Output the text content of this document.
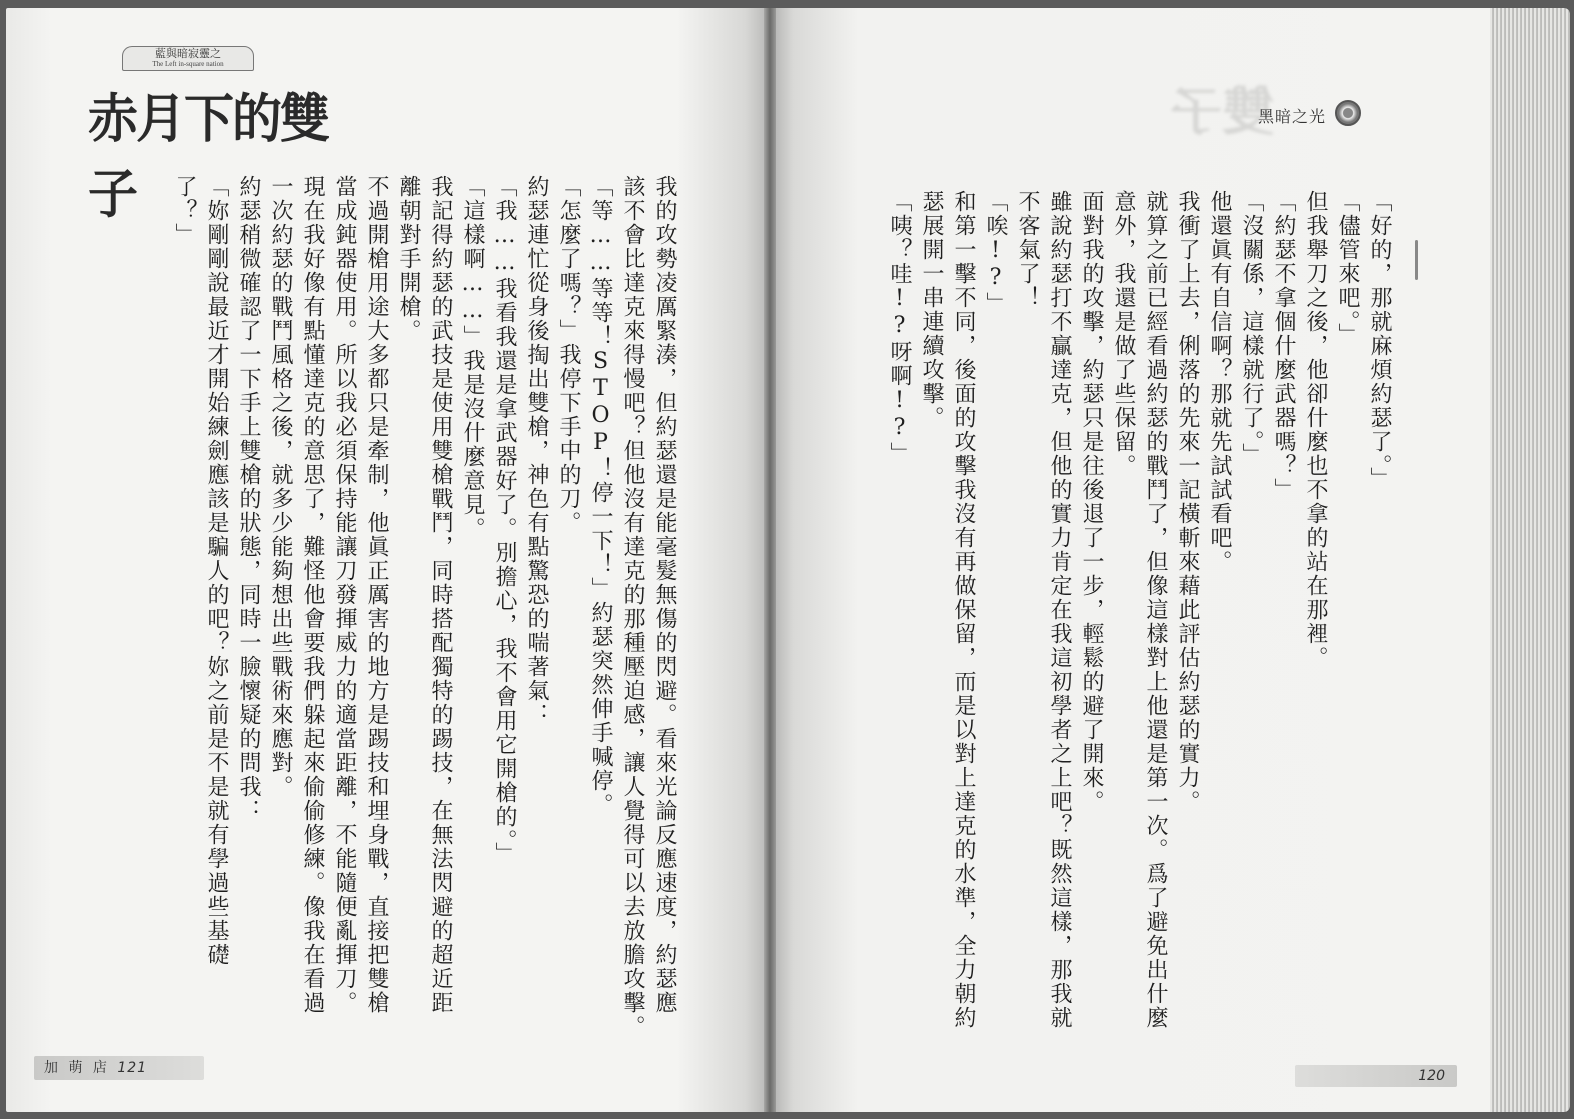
藍與暗寂靈之
The Left in-square nation
赤月下的雙子	我的攻勢凌厲緊湊，但約瑟還是能毫髮無傷的閃避。看來光論反應速度，約瑟應
該不會比達克來得慢吧？但他沒有達克的那種壓迫感，讓人覺得可以去放膽攻擊。
「等……等等！STOP！停一下！」約瑟突然伸手喊停。
「怎麼了嗎？」我停下手中的刀。
約瑟連忙從身後掏出雙槍，神色有點驚恐的喘著氣：
「我……我看我還是拿武器好了。別擔心，我不會用它開槍的。」
「這樣啊……」我是沒什麼意見。
我記得約瑟的武技是使用雙槍戰鬥，同時搭配獨特的踢技，在無法閃避的超近距
離朝對手開槍。
不過開槍用途大多都只是牽制，他眞正厲害的地方是踢技和埋身戰，直接把雙槍
當成鈍器使用。所以我必須保持能讓刀發揮威力的適當距離，不能隨便亂揮刀。
現在我好像有點懂達克的意思了，難怪他會要我們躲起來偷偷修練。像我在看過
一次約瑟的戰鬥風格之後，就多少能夠想出些戰術來應對。
約瑟稍微確認了一下手上雙槍的狀態，同時一臉懷疑的問我：
「妳剛剛說最近才開始練劍應該是騙人的吧？妳之前是不是就有學過些基礎
了？」
加 萌 店 121
雙子
黑暗之光
「好的，那就麻煩約瑟了。」
「儘管來吧。」
但我舉刀之後，他卻什麼也不拿的站在那裡。
「約瑟不拿個什麼武器嗎？」
「沒關係，這樣就行了。」
他還眞有自信啊？那就先試試看吧。
我衝了上去，俐落的先來一記橫斬來藉此評估約瑟的實力。
就算之前已經看過約瑟的戰鬥了，但像這樣對上他還是第一次。爲了避免出什麼
意外，我還是做了些保留。
面對我的攻擊，約瑟只是往後退了一步，輕鬆的避了開來。
雖說約瑟打不贏達克，但他的實力肯定在我這初學者之上吧？既然這樣，那我就
不客氣了！
「唉!?」
和第一擊不同，後面的攻擊我沒有再做保留，而是以對上達克的水準，全力朝約
瑟展開一串連續攻擊。
「咦？哇!?呀啊!?」
120
